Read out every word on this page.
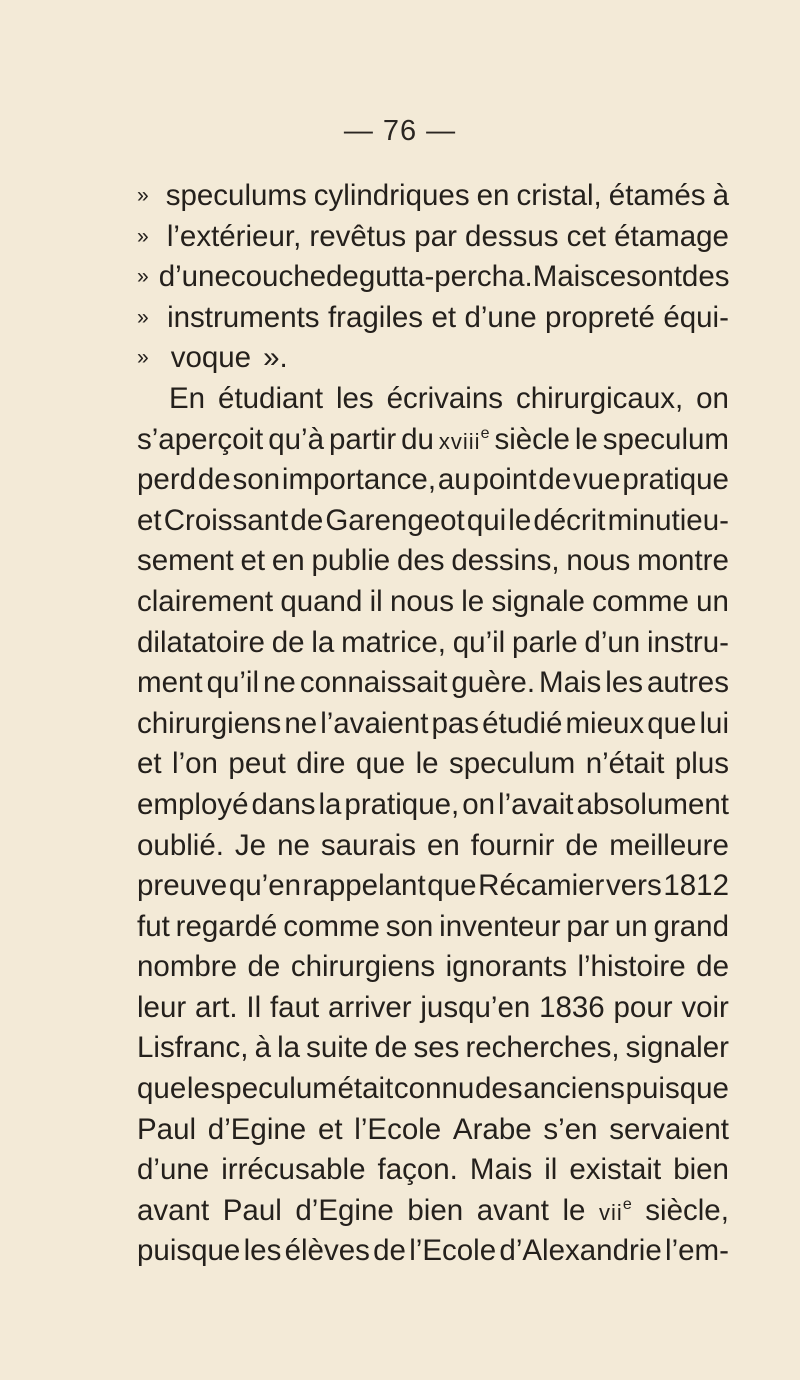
— 76 —
» speculums cylindriques en cristal, étamés à
» l’extérieur, revêtus par dessus cet étamage
» d’une couche de gutta-percha. Mais ce sont des
» instruments fragiles et d’une propreté équi-
» voque ».
En étudiant les écrivains chirurgicaux, on
s’aperçoit qu’à partir du xviii$^e$ siècle le speculum
perd de son importance, au point de vue pratique
et Croissant de Garengeot qui le décrit minutieu-
sement et en publie des dessins, nous montre
clairement quand il nous le signale comme un
dilatatoire de la matrice, qu’il parle d’un instru-
ment qu’il ne connaissait guère. Mais les autres
chirurgiens ne l’avaient pas étudié mieux que lui
et l’on peut dire que le speculum n’était plus
employé dans la pratique, on l’avait absolument
oublié. Je ne saurais en fournir de meilleure
preuve qu’en rappelant que Récamier vers 1812
fut regardé comme son inventeur par un grand
nombre de chirurgiens ignorants l’histoire de
leur art. Il faut arriver jusqu’en 1836 pour voir
Lisfranc, à la suite de ses recherches, signaler
que le speculum était connu des anciens puisque
Paul d’Egine et l’Ecole Arabe s’en servaient
d’une irrécusable façon. Mais il existait bien
avant Paul d’Egine bien avant le vii$^e$ siècle,
puisque les élèves de l’Ecole d’Alexandrie l’em-
